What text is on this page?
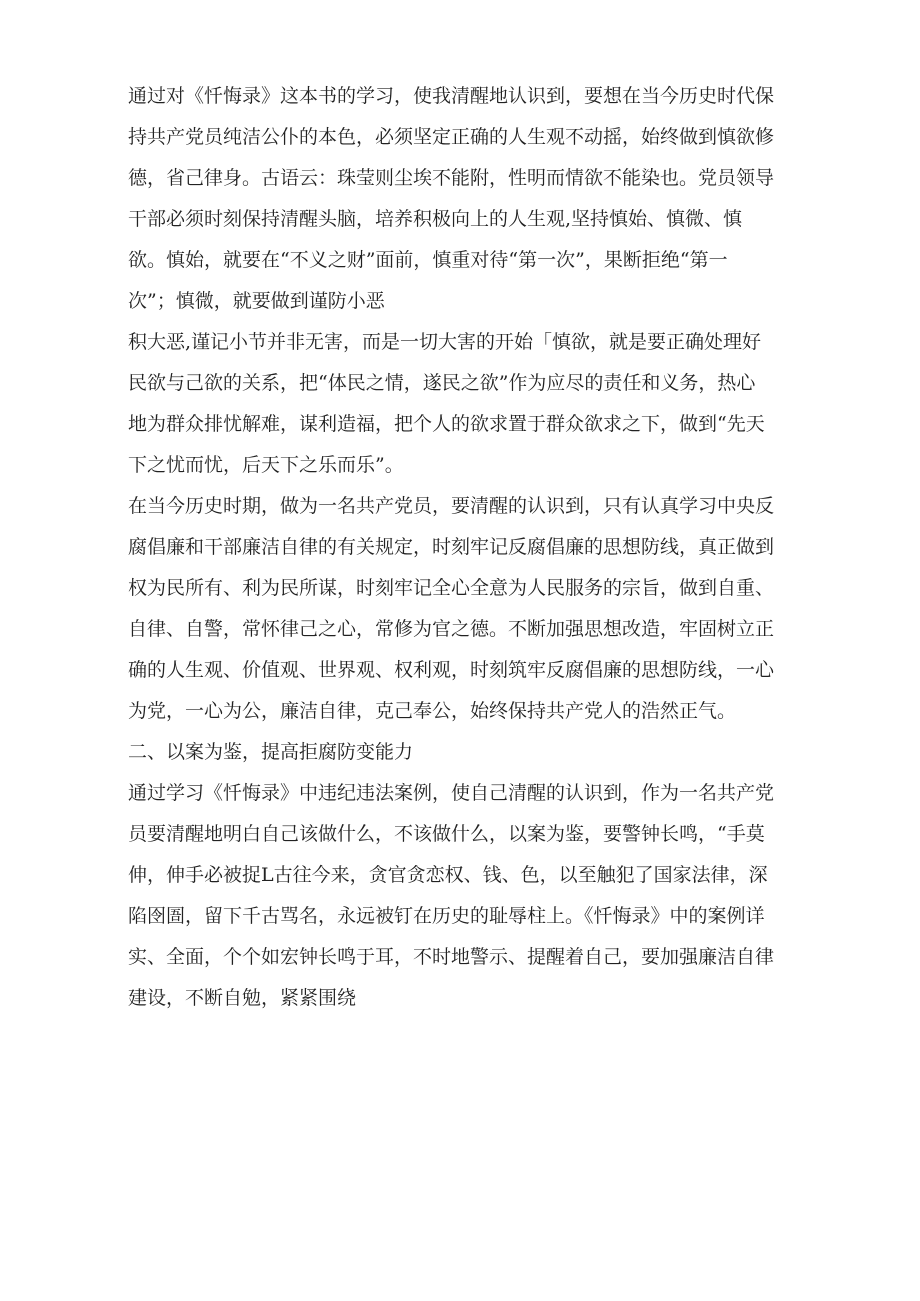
通过对《忏悔录》这本书的学习，使我清醒地认识到，要想在当今历史时代保
持共产党员纯洁公仆的本色，必须坚定正确的人生观不动摇，始终做到慎欲修
德，省己律身。古语云：珠莹则尘埃不能附，性明而情欲不能染也。党员领导
干部必须时刻保持清醒头脑，培养积极向上的人生观,坚持慎始、慎微、慎
欲。慎始，就要在“不义之财”面前，慎重对待“第一次”，果断拒绝“第一
次”；慎微，就要做到谨防小恶
积大恶,谨记小节并非无害，而是一切大害的开始「慎欲，就是要正确处理好
民欲与己欲的关系，把“体民之情，遂民之欲”作为应尽的责任和义务，热心
地为群众排忧解难，谋利造福，把个人的欲求置于群众欲求之下，做到“先天
下之忧而忧，后天下之乐而乐”。
在当今历史时期，做为一名共产党员，要清醒的认识到，只有认真学习中央反
腐倡廉和干部廉洁自律的有关规定，时刻牢记反腐倡廉的思想防线，真正做到
权为民所有、利为民所谋，时刻牢记全心全意为人民服务的宗旨，做到自重、
自律、自警，常怀律己之心，常修为官之德。不断加强思想改造，牢固树立正
确的人生观、价值观、世界观、权利观，时刻筑牢反腐倡廉的思想防线，一心
为党，一心为公，廉洁自律，克己奉公，始终保持共产党人的浩然正气。
二、以案为鉴，提高拒腐防变能力
通过学习《忏悔录》中违纪违法案例，使自己清醒的认识到，作为一名共产党
员要清醒地明白自己该做什么，不该做什么，以案为鉴，要警钟长鸣，“手莫
伸，伸手必被捉L古往今来，贪官贪恋权、钱、色，以至触犯了国家法律，深
陷囹圄，留下千古骂名，永远被钉在历史的耻辱柱上。《忏悔录》中的案例详
实、全面，个个如宏钟长鸣于耳，不时地警示、提醒着自己，要加强廉洁自律
建设，不断自勉，紧紧围绕
